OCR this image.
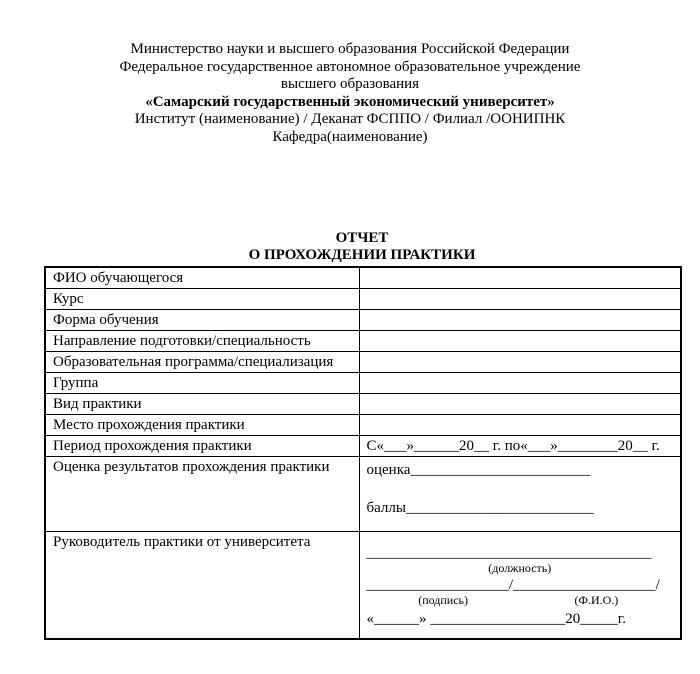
Министерство науки и высшего образования Российской Федерации
Федеральное государственное автономное образовательное учреждение
высшего образования
«Самарский государственный экономический университет»
Институт (наименование) / Деканат ФСППО / Филиал /ООНИПНК
Кафедра(наименование)
ОТЧЕТ
О ПРОХОЖДЕНИИ ПРАКТИКИ
ФИО обучающегося	
Курс	
Форма обучения	
Направление подготовки/специальность	
Образовательная программа/специализация	
Группа	
Вид практики	
Место прохождения практики	
Период прохождения практики	С«___»______20__ г. по«___»________20__ г.
Оценка результатов прохождения практики	оценка________________________
баллы_________________________

Руководитель практики от университета	
______________________________________
(должность)
___________________/___________________/
(подпись)	(Ф.И.О.)
«______» __________________20_____г.
